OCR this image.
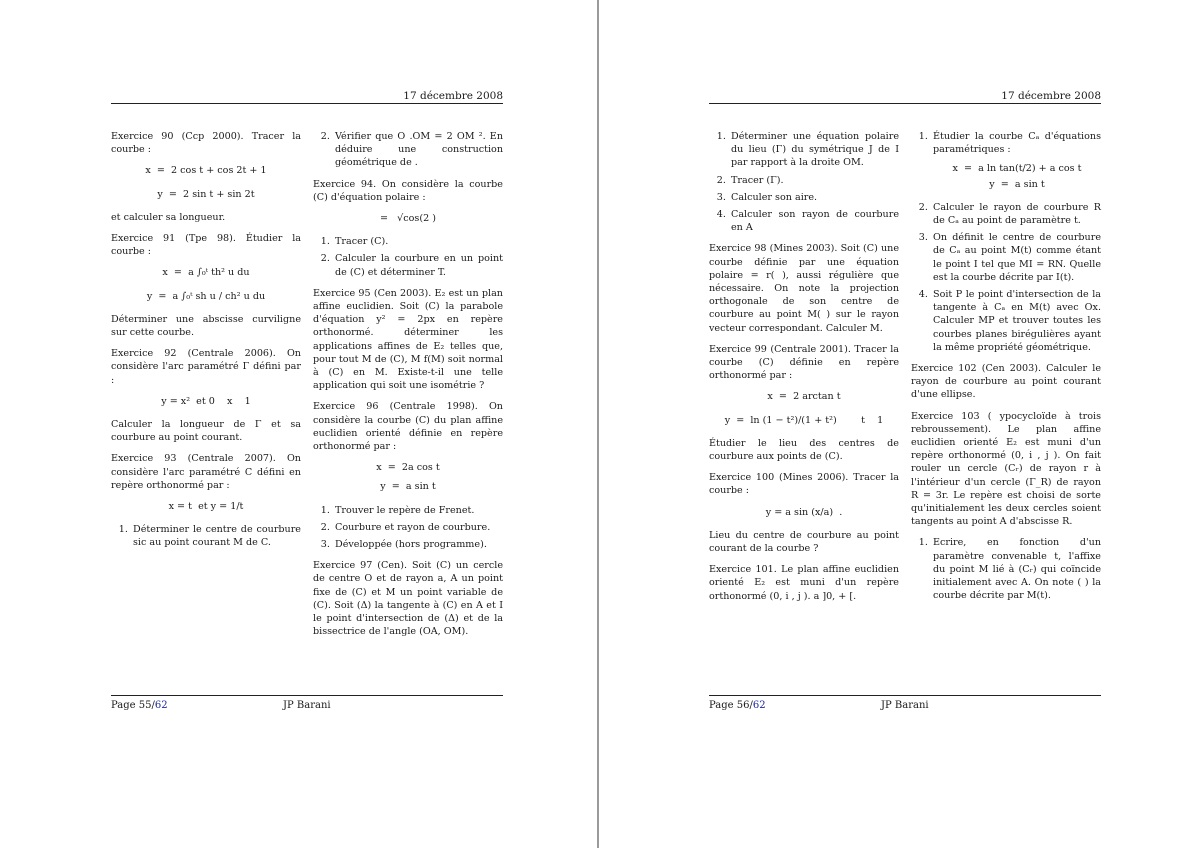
17 décembre 2008

Exercice 90 (Ccp 2000). Tracer la courbe :

x  =  2 cos t + cos 2t + 1
y  =  2 sin t + sin 2t

et calculer sa longueur.

Exercice 91 (Tpe 98). Étudier la courbe :

x  =  a ∫₀ᵗ th² u du
y  =  a ∫₀ᵗ sh u / ch² u du

Déterminer une abscisse curviligne sur cette courbe.

Exercice 92 (Centrale 2006). On considère l'arc paramétré Γ défini par :

y = x²  et 0    x    1

Calculer la longueur de Γ et sa courbure au point courant.

Exercice 93 (Centrale 2007). On considère l'arc paramétré C défini en repère orthonormé par :

x = t  et y = 1/t
1. Déterminer le centre de courbure sic au point courant M de C.
2. Vérifier que O .OM = 2 OM ². En déduire une construction géométrique de .

Exercice 94. On considère la courbe (C) d'équation polaire :

=   √cos(2 )
1. Tracer (C).
2. Calculer la courbure en un point de (C) et déterminer T.

Exercice 95 (Cen 2003). E₂ est un plan affine euclidien. Soit (C) la parabole d'équation y² = 2px en repère orthonormé. déterminer les applications affines de E₂ telles que, pour tout M de (C), M f(M) soit normal à (C) en M. Existe-t-il une telle application qui soit une isométrie ?

Exercice 96 (Centrale 1998). On considère la courbe (C) du plan affine euclidien orienté définie en repère orthonormé par :

x  =  2a cos t
y  =  a sin t
1. Trouver le repère de Frenet.
2. Courbure et rayon de courbure.
3. Développée (hors programme).

Exercice 97 (Cen). Soit (C) un cercle de centre O et de rayon a, A un point fixe de (C) et M un point variable de (C). Soit (Δ) la tangente à (C) en A et I le point d'intersection de (Δ) et de la bissectrice de l'angle (OA, OM).

Page 55/62	JP Barani
17 décembre 2008
1. Déterminer une équation polaire du lieu (Γ) du symétrique J de I par rapport à la droite OM.
2. Tracer (Γ).
3. Calculer son aire.
4. Calculer son rayon de courbure en A

Exercice 98 (Mines 2003). Soit (C) une courbe définie par une équation polaire = r( ), aussi régulière que nécessaire. On note la projection orthogonale de son centre de courbure au point M( ) sur le rayon vecteur correspondant. Calculer M.

Exercice 99 (Centrale 2001). Tracer la courbe (C) définie en repère orthonormé par :

x  =  2 arctan t
y  =  ln (1 − t²)/(1 + t²)        t    1

Étudier le lieu des centres de courbure aux points de (C).

Exercice 100 (Mines 2006). Tracer la courbe :

y = a sin (x/a)  .

Lieu du centre de courbure au point courant de la courbe ?

Exercice 101. Le plan affine euclidien orienté E₂ est muni d'un repère orthonormé (0, i , j ). a ]0, + [.

1. Étudier la courbe Cₐ d'équations paramétriques :
x  =  a ln tan(t/2) + a cos t
y  =  a sin t
2. Calculer le rayon de courbure R de Cₐ au point de paramètre t.
3. On définit le centre de courbure de Cₐ au point M(t) comme étant le point I tel que MI = RN. Quelle est la courbe décrite par I(t).
4. Soit P le point d'intersection de la tangente à Cₐ en M(t) avec Ox. Calculer MP et trouver toutes les courbes planes birégulières ayant la même propriété géométrique.

Exercice 102 (Cen 2003). Calculer le rayon de courbure au point courant d'une ellipse.

Exercice 103 ( ypocycloïde à trois rebroussement). Le plan affine euclidien orienté E₂ est muni d'un repère orthonormé (0, i , j ). On fait rouler un cercle (Cᵣ) de rayon r à l'intérieur d'un cercle (Γ_R) de rayon R = 3r. Le repère est choisi de sorte qu'initialement les deux cercles soient tangents au point A d'abscisse R.

1. Ecrire, en fonction d'un paramètre convenable t, l'affixe du point M lié à (Cᵣ) qui coïncide initialement avec A. On note ( ) la courbe décrite par M(t).
Page 56/62	JP Barani
